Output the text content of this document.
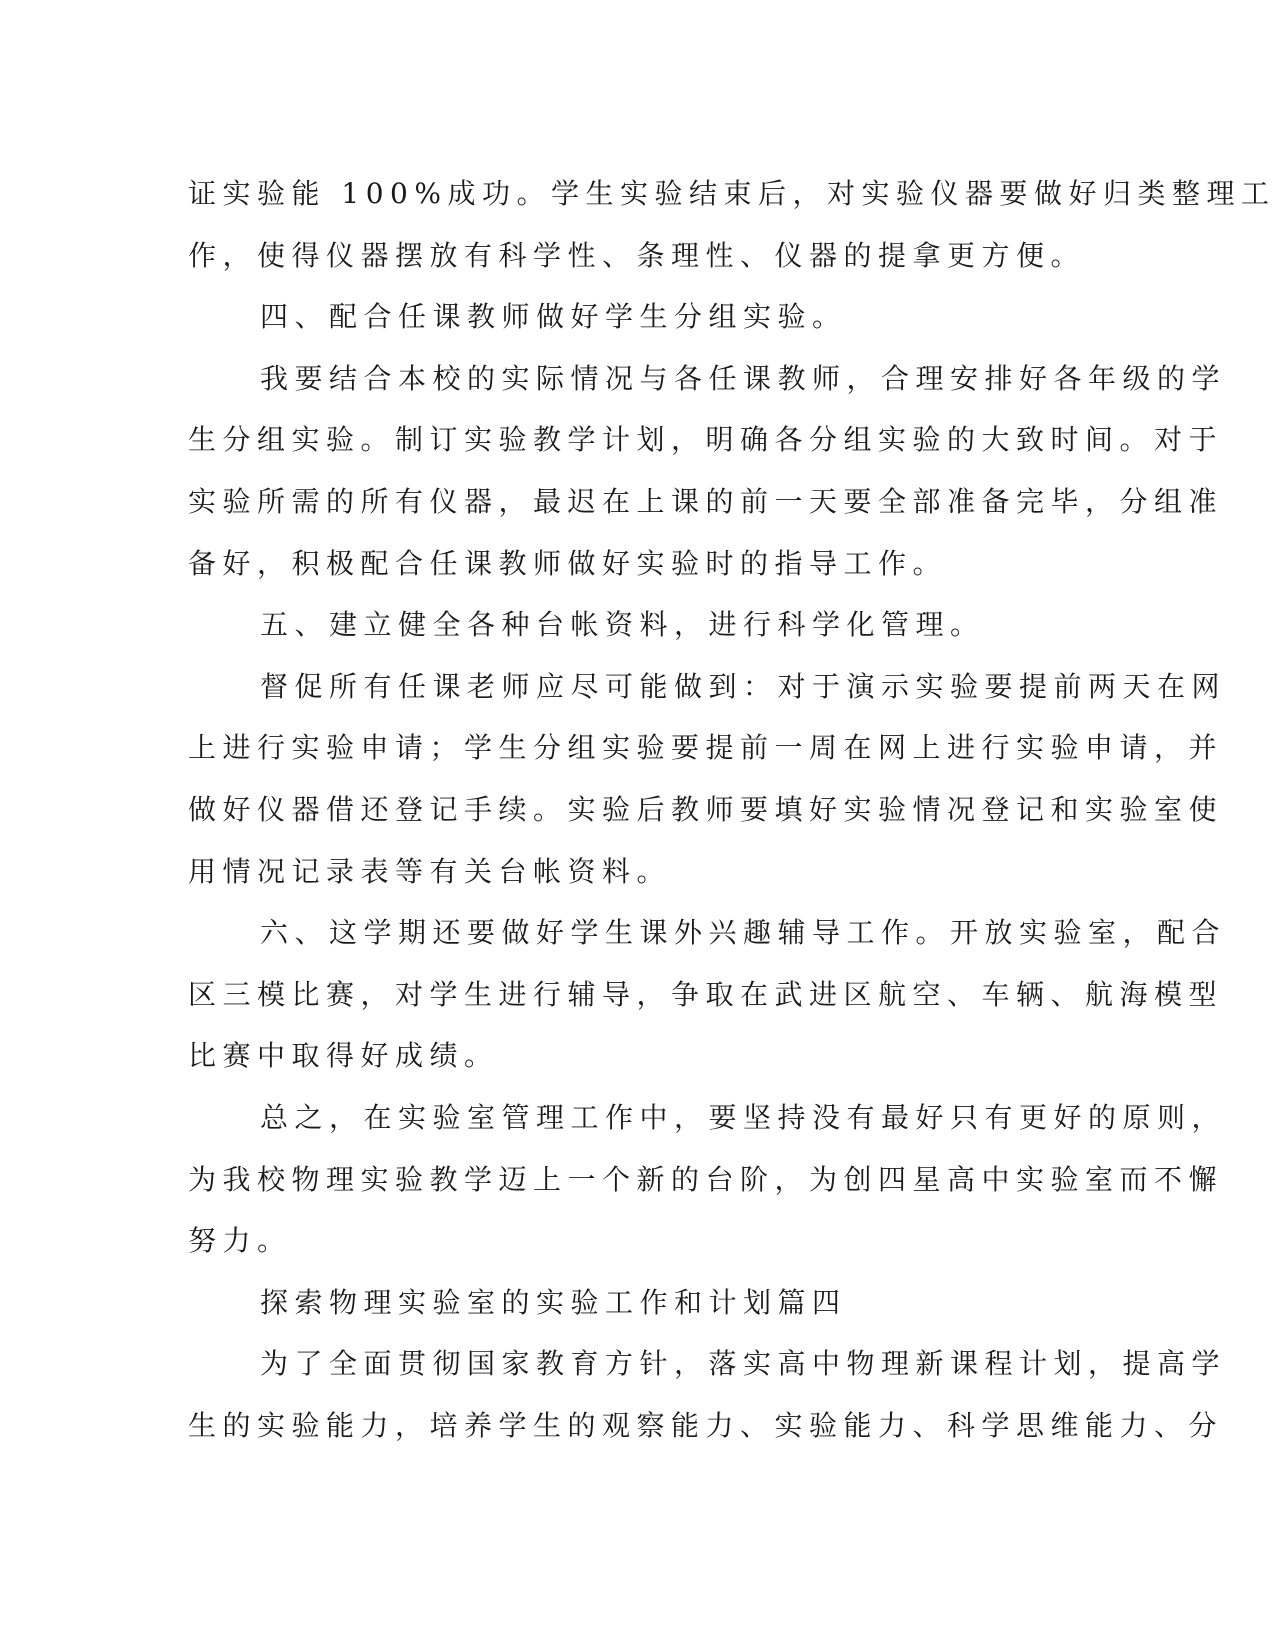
证实验能 100%成功。学生实验结束后，对实验仪器要做好归类整理工
作，使得仪器摆放有科学性、条理性、仪器的提拿更方便。
四、配合任课教师做好学生分组实验。
我要结合本校的实际情况与各任课教师，合理安排好各年级的学
生分组实验。制订实验教学计划，明确各分组实验的大致时间。对于
实验所需的所有仪器，最迟在上课的前一天要全部准备完毕，分组准
备好，积极配合任课教师做好实验时的指导工作。
五、建立健全各种台帐资料，进行科学化管理。
督促所有任课老师应尽可能做到：对于演示实验要提前两天在网
上进行实验申请；学生分组实验要提前一周在网上进行实验申请，并
做好仪器借还登记手续。实验后教师要填好实验情况登记和实验室使
用情况记录表等有关台帐资料。
六、这学期还要做好学生课外兴趣辅导工作。开放实验室，配合
区三模比赛，对学生进行辅导，争取在武进区航空、车辆、航海模型
比赛中取得好成绩。
总之，在实验室管理工作中，要坚持没有最好只有更好的原则，
为我校物理实验教学迈上一个新的台阶，为创四星高中实验室而不懈
努力。
探索物理实验室的实验工作和计划篇四
为了全面贯彻国家教育方针，落实高中物理新课程计划，提高学
生的实验能力，培养学生的观察能力、实验能力、科学思维能力、分
